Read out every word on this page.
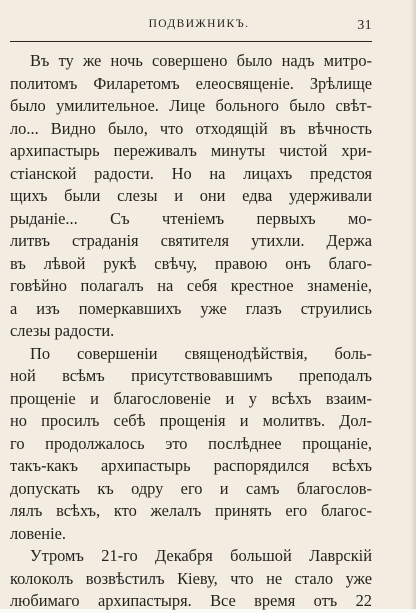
ПОДВИЖНИКЪ.	31
Въ ту же ночь совершено было надъ митро-
политомъ Филаретомъ елеосвященіе. Зрѣлище
было умилительное. Лице больного было свѣт-
ло... Видно было, что отходящій въ вѣчность
архипастырь переживалъ минуты чистой хри-
стіанской радости. Но на лицахъ предстоя
щихъ были слезы и они едва удерживали
рыданіе... Съ чтеніемъ первыхъ мо-
литвъ страданія святителя утихли. Держа
въ лѣвой рукѣ свѣчу, правою онъ благо-
говѣйно полагалъ на себя крестное знаменіе,
а изъ померкавшихъ уже глазъ струились
слезы радости.
По совершеніи священодѣйствія, боль-
ной всѣмъ присутствовавшимъ преподалъ
прощеніе и благословеніе и у всѣхъ взаим-
но просилъ себѣ прощенія и молитвъ. Дол-
го продолжалось это послѣднее прощаніе,
такъ-какъ архипастырь распорядился всѣхъ
допускать къ одру его и самъ благослов-
лялъ всѣхъ, кто желалъ принять его благос-
ловеніе.
Утромъ 21-го Декабря большой Лаврскій
колоколъ возвѣстилъ Кіеву, что не стало уже
любимаго архипастыря. Все время отъ 22
